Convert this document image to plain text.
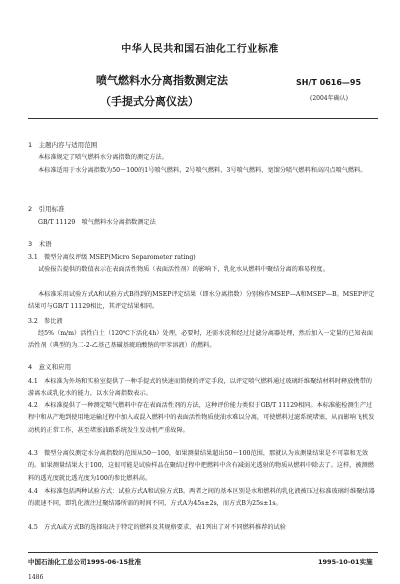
中华人民共和国石油化工行业标准
喷气燃料水分离指数测定法
（手提式分离仪法）
SH/T 0616—95
(2004年确认)
1　主题内容与适用范围
本标准规定了喷气燃料水分离指数的测定方法。
本标准适用于水分离指数为50～100的1号喷气燃料、2号喷气燃料、3号喷气燃料、宽馏分喷气燃料和高闪点喷气燃料。
2　引用标准
GB/T 11129　喷气燃料水分离指数测定法
3　术语
3.1　微型分离仪评级 MSEP(Micro Separometer rating)
试验报告提供的数值表示在表面活性物质（表面活性剂）的影响下，乳化水从燃料中聚结分离的难易程度。
本标准采用试验方式A和试验方式B得到的MSEP评定结果（即水分离指数）分别称作MSEP—A和MSEP—B。MSEP评定结果可与GB/T 11129相比，其评定结果相同。
3.2　参比液
经5%（m/m）活性白土（120℃下活化4h）处理，必要时，还需水洗和经过过滤分离器处理，然后加入一定量的已知表面活性剂（典型的为二-2-乙基己基磺基琥珀酸钠的甲苯溶液）的燃料。
4　意义和应用
4.1　本标准为外场和实验室提供了一种手提式的快速而简便的评定手段，以评定喷气燃料通过玻璃纤维聚结材料时释放携带的游离水或乳化水的能力，以水分离指数表示。
4.2　本标准提供了一种测定喷气燃料中存在表面活性剂的方法，这种评价能力类似于GB/T 11129相同。本标准能检测生产过程中和从产地到使用地运输过程中加入或混入燃料中的表面活性物质使油水难以分离，可使燃料过滤系统堵塞，从而影响飞机发动机的正常工作，甚至堵塞油路系统发生发动机严重故障。
4.3　微型分离仪测定水分离指数的范围从50～100，如果测量结果超出50～100范围，那就认为该测量结果是不可靠和无效的。如果测量结果大于100，这很可能是试验样品在聚结过程中把燃料中含有减弱光透射的物质从燃料中除去了。这样，被测燃料的透光度就比透光度为100的参比燃料高。
4.4　本标准包括两种试验方式：试验方式A和试验方式B。两者之间的基本区别是水和燃料的乳化液被压过标准玻璃纤维聚结器的流速不同，即乳化液注过聚结器所需的时间不同，方式A为45s±2s，而方式B为25s±1s。
4.5　方式A或方式B的选择取决于特定的燃料及其规格要求，表1列出了对不同燃料推荐的试验
中国石油化工总公司1995-06-15批准	1995-10-01实施
1486
